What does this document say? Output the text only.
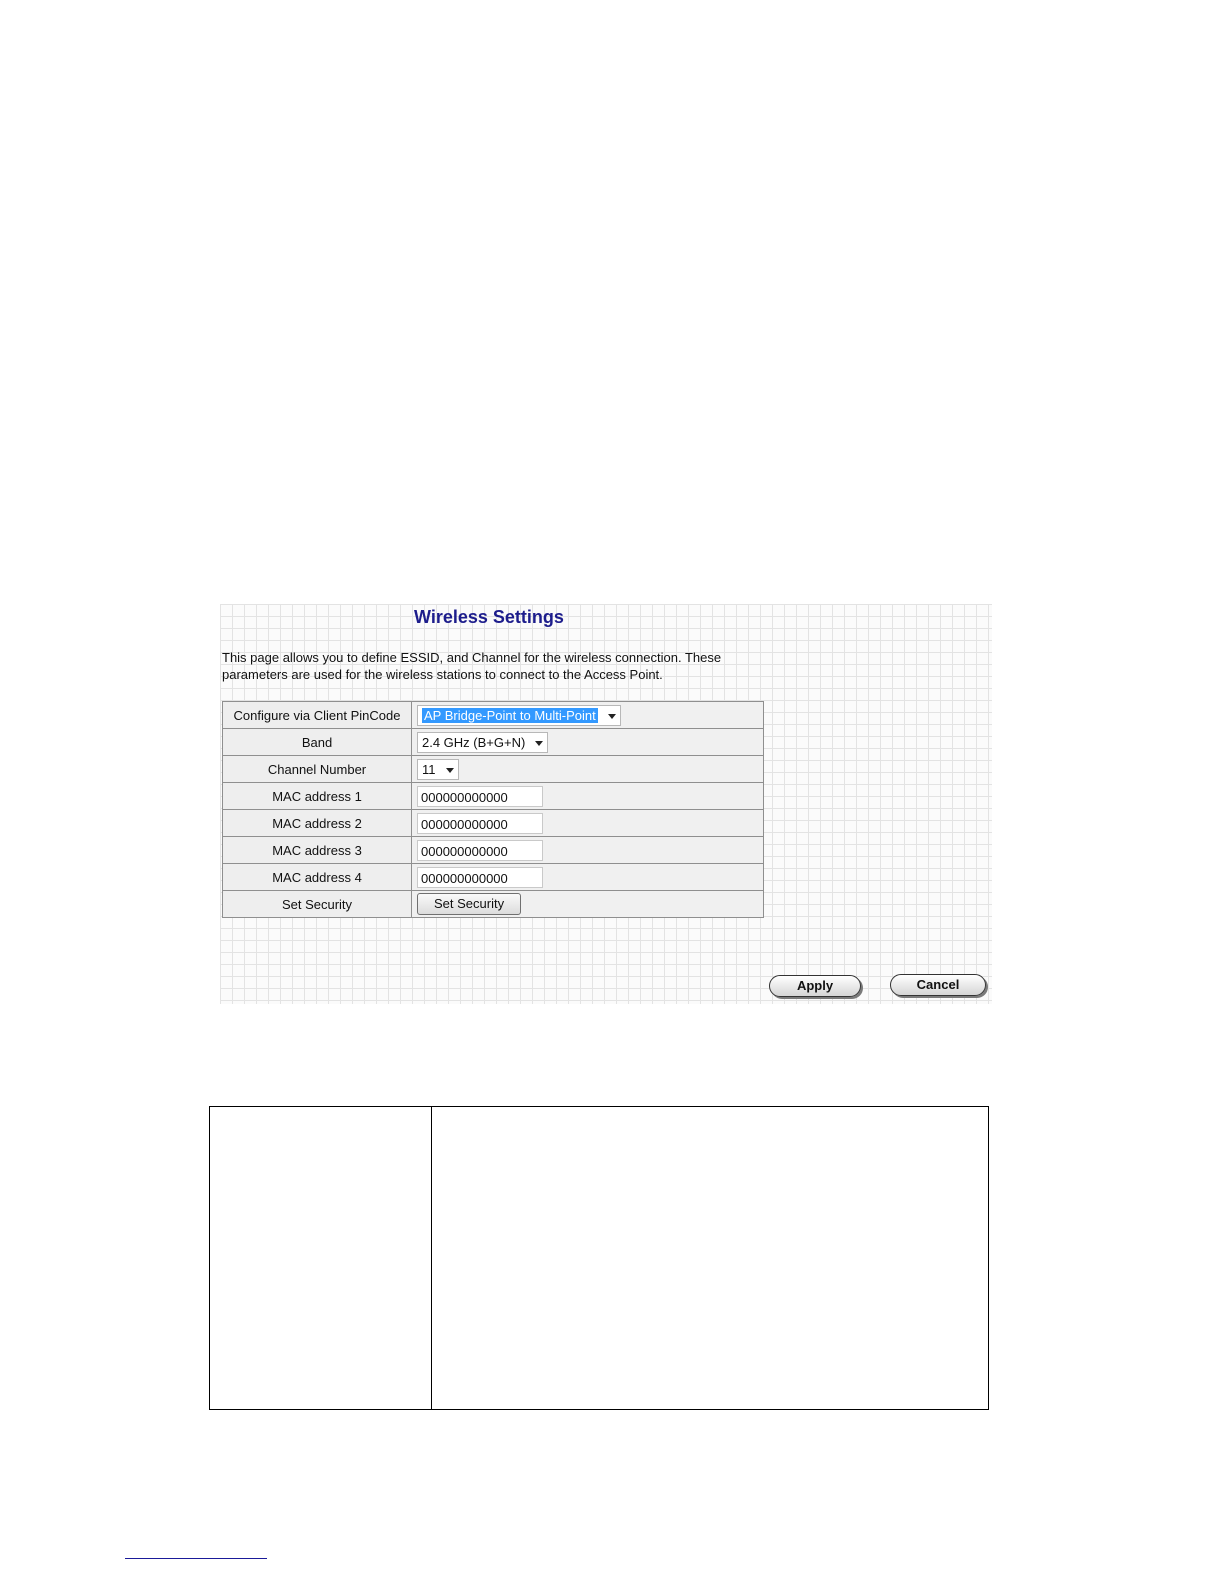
Wireless Settings
This page allows you to define ESSID, and Channel for the wireless connection. These
parameters are used for the wireless stations to connect to the Access Point.
Configure via Client PinCode	AP Bridge-Point to Multi-Point
Band	2.4 GHz (B+G+N)
Channel Number	11
MAC address 1	000000000000
MAC address 2	000000000000
MAC address 3	000000000000
MAC address 4	000000000000
Set Security	Set Security
Apply	Cancel
